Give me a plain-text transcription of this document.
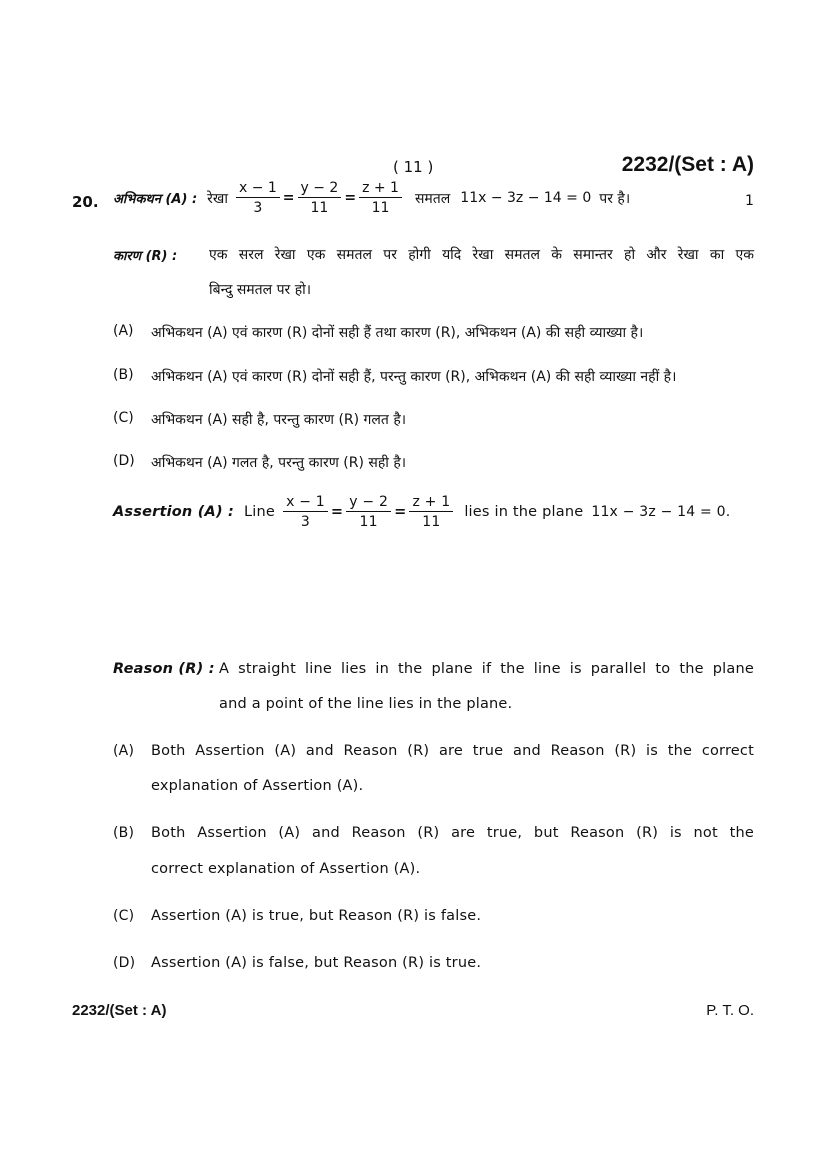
( 11 )	2232/(Set : A)
20.	1
अभिकथन (A) : रेखा $\frac{x - 1}{3} = \frac{y - 2}{11} = \frac{z + 1}{11}$ समतल 11x − 3z − 14 = 0 पर है।
कारण (R) : एक सरल रेखा एक समतल पर होगी यदि रेखा समतल के समान्तर हो और रेखा का एक
बिन्दु समतल पर हो।
(A) अभिकथन (A) एवं कारण (R) दोनों सही हैं तथा कारण (R), अभिकथन (A) की सही व्याख्या है।
(B) अभिकथन (A) एवं कारण (R) दोनों सही हैं, परन्तु कारण (R), अभिकथन (A) की सही व्याख्या नहीं है।
(C) अभिकथन (A) सही है, परन्तु कारण (R) गलत है।
(D) अभिकथन (A) गलत है, परन्तु कारण (R) सही है।
Assertion (A) : Line $\frac{x - 1}{3} = \frac{y - 2}{11} = \frac{z + 1}{11}$ lies in the plane 11x − 3z − 14 = 0.
Reason (R) : A straight line lies in the plane if the line is parallel to the plane
and a point of the line lies in the plane.
(A) Both Assertion (A) and Reason (R) are true and Reason (R) is the correct
explanation of Assertion (A).
(B) Both Assertion (A) and Reason (R) are true, but Reason (R) is not the
correct explanation of Assertion (A).
(C) Assertion (A) is true, but Reason (R) is false.
(D) Assertion (A) is false, but Reason (R) is true.
2232/(Set : A)	P. T. O.
